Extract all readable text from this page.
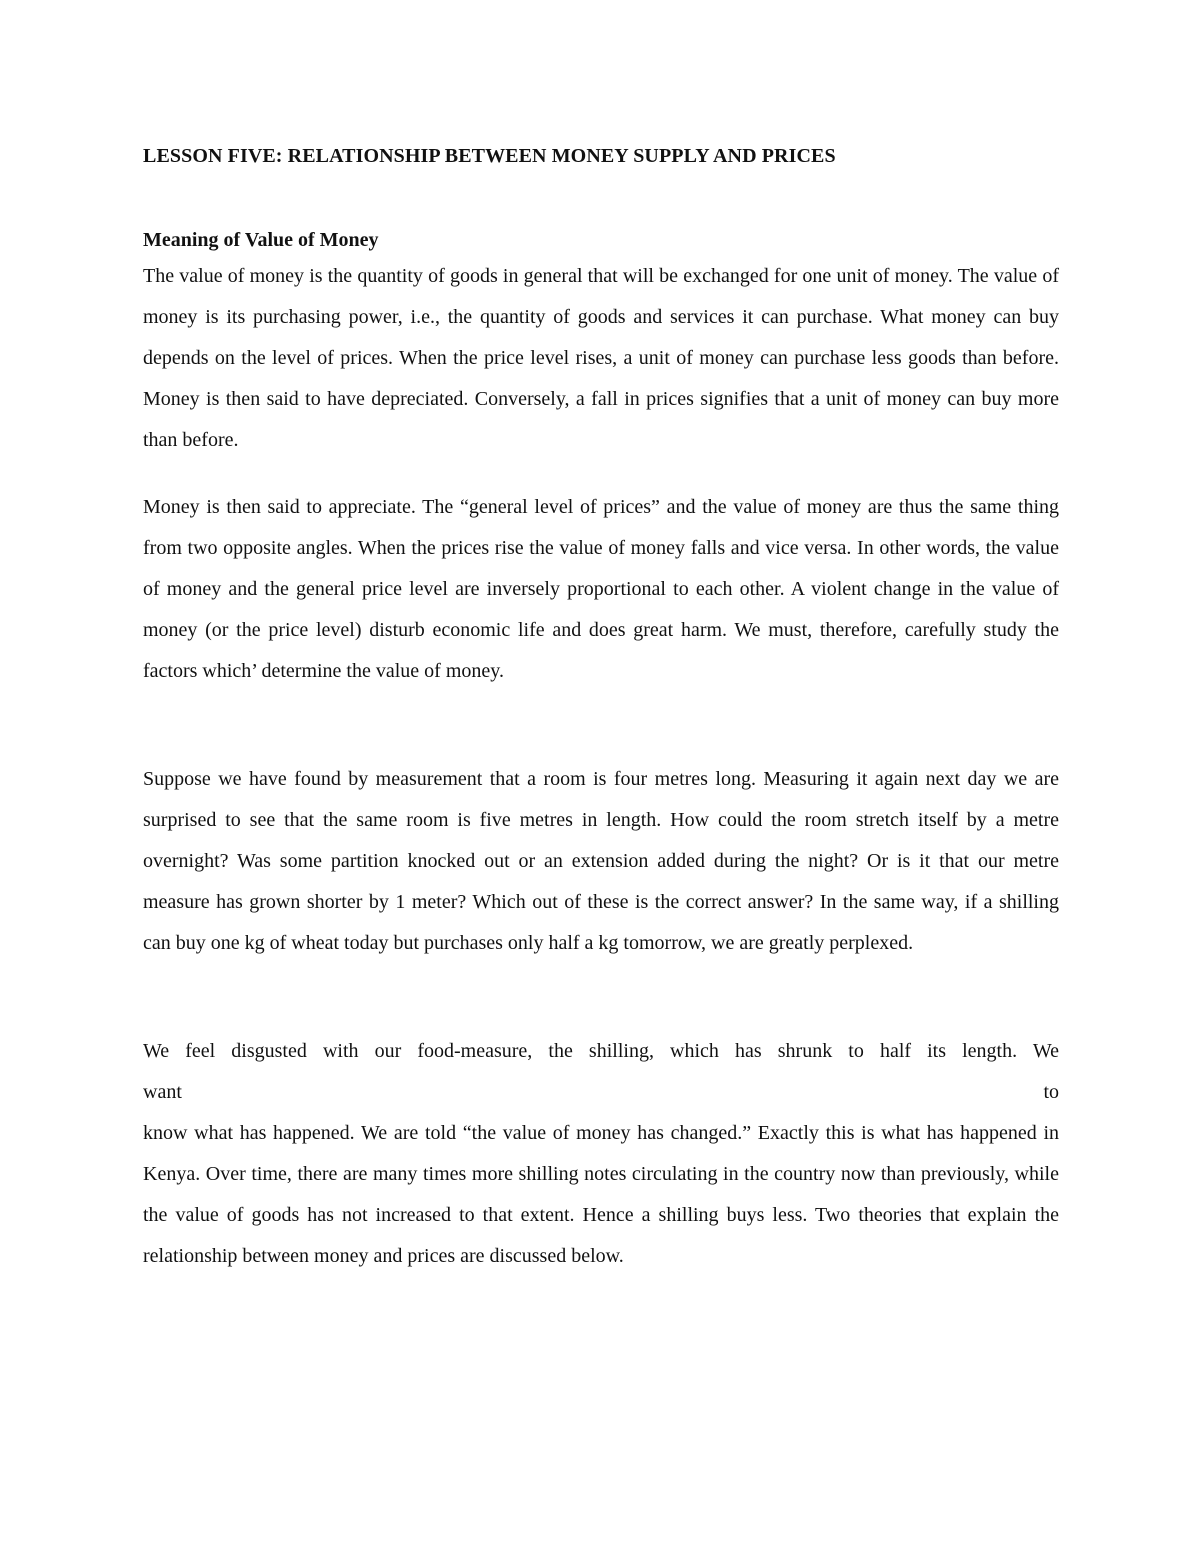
LESSON FIVE: RELATIONSHIP BETWEEN MONEY SUPPLY AND PRICES
Meaning of Value of Money

The value of money is the quantity of goods in general that will be exchanged for one unit of money. The value of money is its purchasing power, i.e., the quantity of goods and services it can purchase. What money can buy depends on the level of prices. When the price level rises, a unit of money can purchase less goods than before. Money is then said to have depreciated. Conversely, a fall in prices signifies that a unit of money can buy more than before.

Money is then said to appreciate. The “general level of prices” and the value of money are thus the same thing from two opposite angles. When the prices rise the value of money falls and vice versa. In other words, the value of money and the general price level are inversely proportional to each other. A violent change in the value of money (or the price level) disturb economic life and does great harm. We must, therefore, carefully study the factors which’ determine the value of money.

Suppose we have found by measurement that a room is four metres long. Measuring it again next day we are surprised to see that the same room is five metres in length. How could the room stretch itself by a metre overnight? Was some partition knocked out or an extension added during the night? Or is it that our metre measure has grown shorter by 1 meter? Which out of these is the correct answer? In the same way, if a shilling can buy one kg of wheat today but purchases only half a kg tomorrow, we are greatly perplexed.

We feel disgusted with our food-measure, the shilling, which has shrunk to half its length. We
want	to
know what has happened. We are told “the value of money has changed.” Exactly this is what has happened in Kenya. Over time, there are many times more shilling notes circulating in the country now than previously, while the value of goods has not increased to that extent. Hence a shilling buys less. Two theories that explain the relationship between money and prices are discussed below.
